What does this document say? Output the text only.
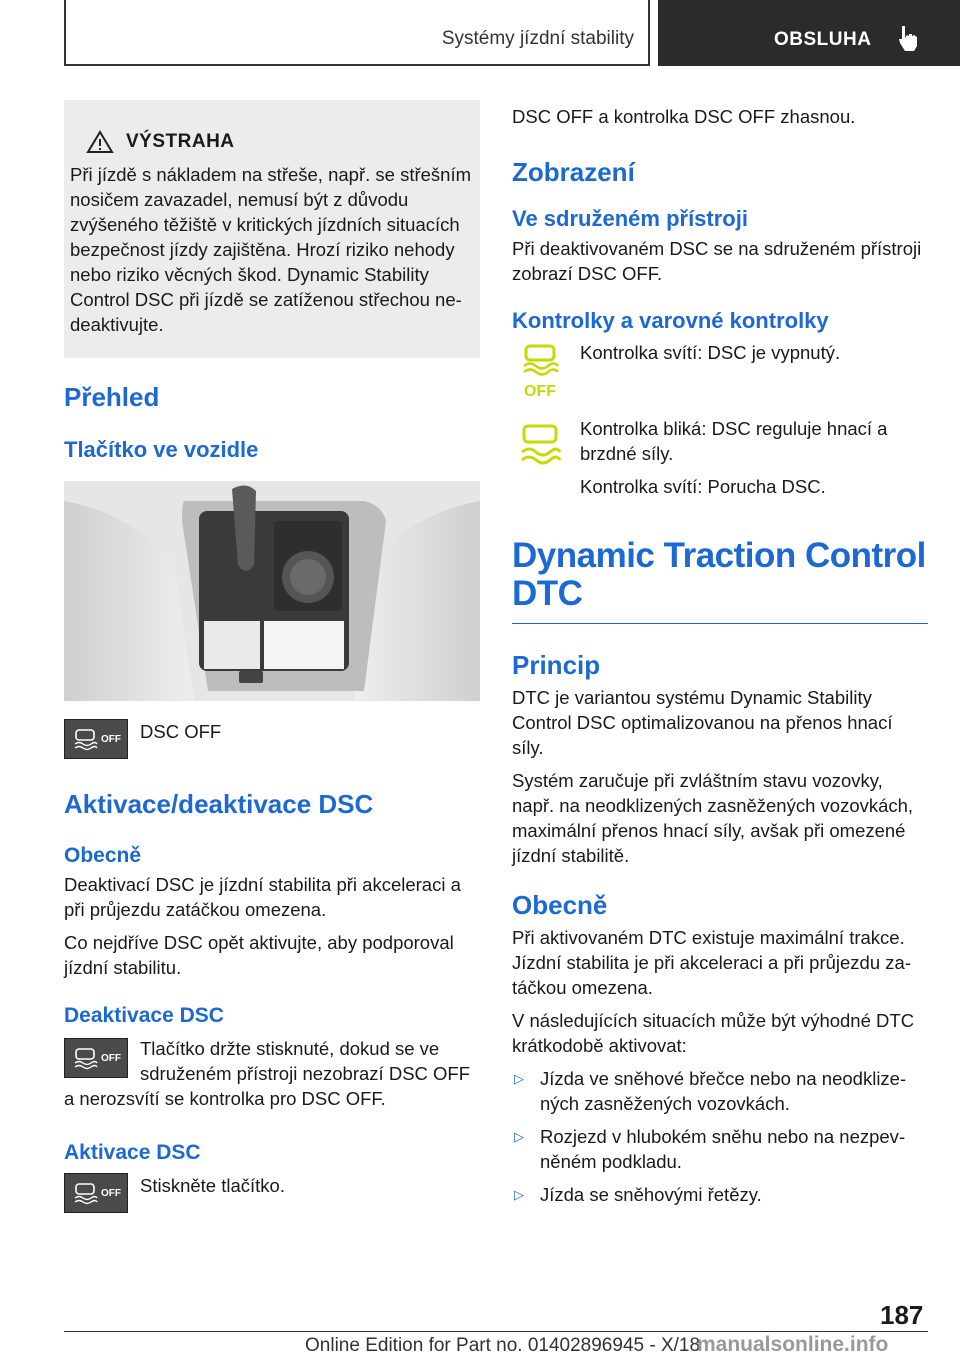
Systémy jízdní stability	OBSLUHA
VÝSTRAHA

Při jízdě s nákladem na střeše, např. se střešním nosičem zavazadel, nemusí být z důvodu zvýšeného těžiště v kritických jízdních situacích bezpečnost jízdy zajištěna. Hrozí riziko nehody nebo riziko věcných škod. Dynamic Stability Control DSC při jízdě se zatíženou střechou nedeaktivujte.

Přehled
Tlačítko ve vozidle
OFF DSC OFF
Aktivace/deaktivace DSC
Obecně

Deaktivací DSC je jízdní stabilita při akceleraci a při průjezdu zatáčkou omezena.

Co nejdříve DSC opět aktivujte, aby podporoval jízdní stabilitu.

Deaktivace DSC
OFF	Tlačítko držte stisknuté, dokud se ve sdruženém přístroji nezobrazí DSC OFF a nerozsvítí se kontrolka pro DSC OFF.

Aktivace DSC
OFF Stiskněte tlačítko.

DSC OFF a kontrolka DSC OFF zhasnou.

Zobrazení
Ve sdruženém přístroji

Při deaktivovaném DSC se na sdruženém přístroji zobrazí DSC OFF.

Kontrolky a varovné kontrolky
OFF
Kontrolka svítí: DSC je vypnutý.

Kontrolka bliká: DSC reguluje hnací a brzdné síly.

Kontrolka svítí: Porucha DSC.

Dynamic Traction Control
DTC
Princip

DTC je variantou systému Dynamic Stability Control DSC optimalizovanou na přenos hnací síly.

Systém zaručuje při zvláštním stavu vozovky, např. na neodklizených zasněžených vozovkách, maximální přenos hnací síly, avšak při omezené jízdní stabilitě.

Obecně

Při aktivovaném DTC existuje maximální trakce. Jízdní stabilita je při akceleraci a při průjezdu zatáčkou omezena.

V následujících situacích může být výhodné DTC krátkodobě aktivovat:

▷ Jízda ve sněhové břečce nebo na neodklizených zasněžených vozovkách.
▷ Rozjezd v hlubokém sněhu nebo na nezpevněném podkladu.
▷ Jízda se sněhovými řetězy.
187
Online Edition for Part no. 01402896945 - X/18
manualsonline.info
